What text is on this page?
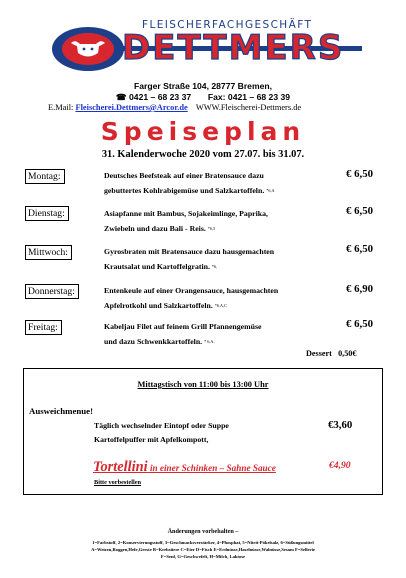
FLEISCHERFACHGESCHÄFT
DETTMERS
Farger Straße 104, 28777 Bremen,
☎ 0421 – 68 23 37       Fax: 0421 – 68 23 39
E.Mail: Fleischerei.Dettmers@Arcor.de WWW.Fleischerei-Dettmers.de
Speiseplan
31. Kalenderwoche 2020 vom 27.07. bis 31.07.
Montag:	Deutsches Beefsteak auf einer Bratensauce dazu
gebuttertes Kohlrabigemüse und Salzkartoffeln. $^{*6,A}$
€ 6,50
Dienstag:	Asiapfanne mit Bambus, Sojakeimlinge, Paprika,
Zwiebeln und dazu Bali - Reis. $^{*6,5}$
€ 6,50
Mittwoch:	Gyrosbraten mit Bratensauce dazu hausgemachten
Krautsalat und Kartoffelgratin. $^{*6,}$
€ 6,50
Donnerstag:	Entenkeule auf einer Orangensauce, hausgemachten
Apfelrotkohl und Salzkartoffeln. $^{*6,A,C}$
€ 6,90
Freitag:	Kabeljau Filet auf feinem Grill Pfannengemüse
und dazu Schwenkkartoffeln. $^{* 6,A,}$
€ 6,50
Dessert 0,50€
Mittagstisch von 11:00 bis 13:00 Uhr
Ausweichmenue!
Täglich wechselnder Eintopf oder Suppe
Kartoffelpuffer mit Apfelkompott,
€3,60
Tortellini in einer Schinken – Sahne Sauce	€4,90
Bitte vorbestellen
Änderungen vorbehalten –
1=Farbstoff, 2=Konservierungsstoff, 3=Geschmacksverstärker, 4=Phosphat, 5=Nitrit-Pökelsalz, 6=Süßungsmittel
A=Weizen,Roggen,Hefe,Gerste B=Krebstiere C=Eier D=Fisch E=Erdnüsse,Haselnüsse,Walnüsse,Sesam F=Sellerie
F=Senf, G=Geschwefelt, H=Milch, Laktose
